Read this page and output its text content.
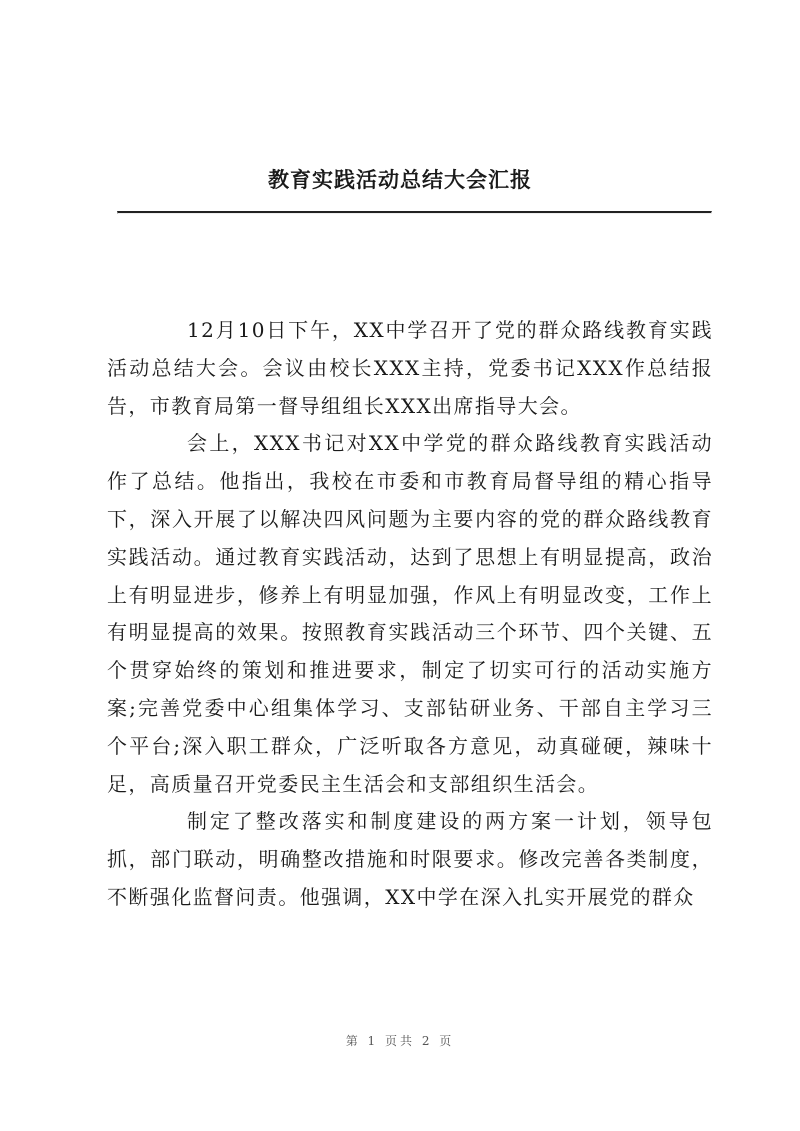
教育实践活动总结大会汇报

12月10日下午，XX中学召开了党的群众路线教育实践活动总结大会。会议由校长XXX主持，党委书记XXX作总结报告，市教育局第一督导组组长XXX出席指导大会。

会上，XXX书记对XX中学党的群众路线教育实践活动作了总结。他指出，我校在市委和市教育局督导组的精心指导下，深入开展了以解决四风问题为主要内容的党的群众路线教育实践活动。通过教育实践活动，达到了思想上有明显提高，政治上有明显进步，修养上有明显加强，作风上有明显改变，工作上有明显提高的效果。按照教育实践活动三个环节、四个关键、五个贯穿始终的策划和推进要求，制定了切实可行的活动实施方案;完善党委中心组集体学习、支部钻研业务、干部自主学习三个平台;深入职工群众，广泛听取各方意见，动真碰硬，辣味十足，高质量召开党委民主生活会和支部组织生活会。

制定了整改落实和制度建设的两方案一计划，领导包抓，部门联动，明确整改措施和时限要求。修改完善各类制度，不断强化监督问责。他强调，XX中学在深入扎实开展党的群众

第 1 页共 2 页
